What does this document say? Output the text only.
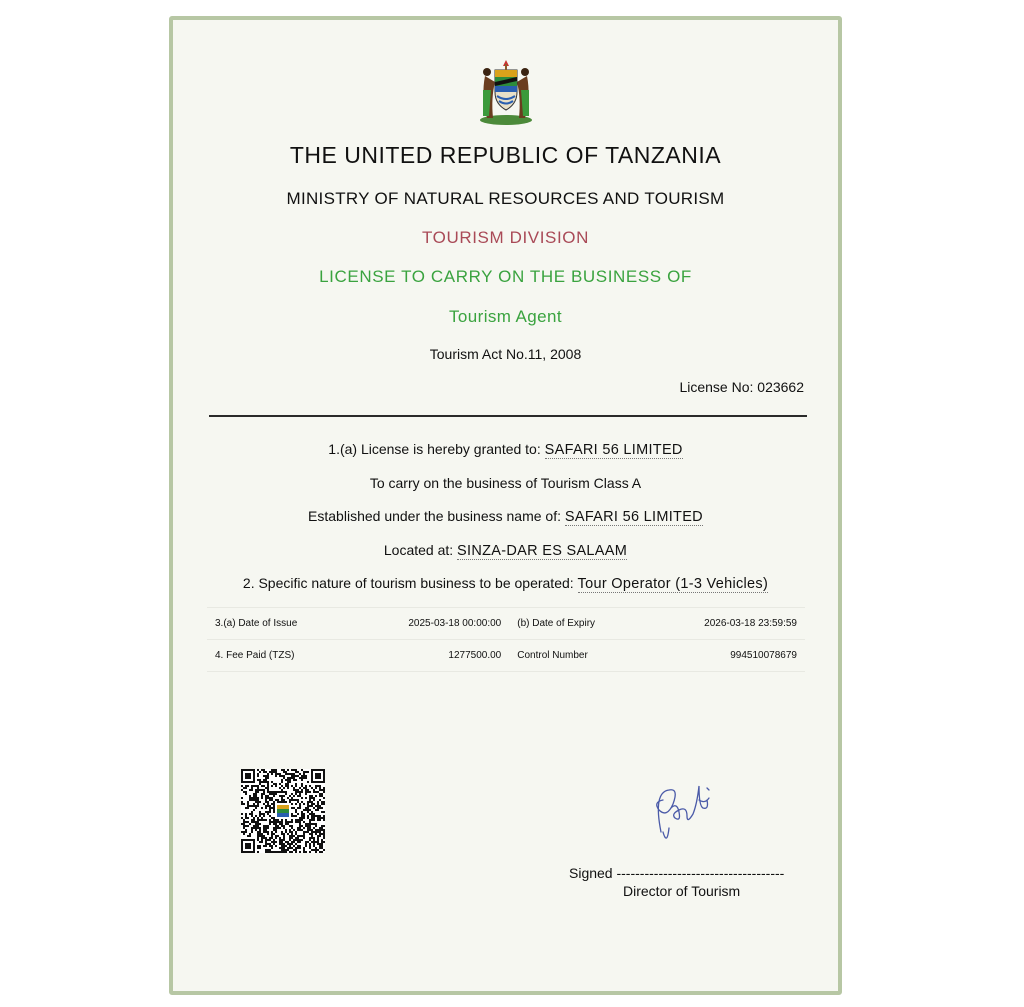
THE UNITED REPUBLIC OF TANZANIA
MINISTRY OF NATURAL RESOURCES AND TOURISM
TOURISM DIVISION
LICENSE TO CARRY ON THE BUSINESS OF
Tourism Agent
Tourism Act No.11, 2008
License No: 023662
1.(a) License is hereby granted to: SAFARI 56 LIMITED
To carry on the business of Tourism Class A
Established under the business name of: SAFARI 56 LIMITED
Located at: SINZA-DAR ES SALAAM
2. Specific nature of tourism business to be operated: Tour Operator (1-3 Vehicles)
3.(a) Date of Issue	2025-03-18 00:00:00	(b) Date of Expiry	2026-03-18 23:59:59
4. Fee Paid (TZS)	1277500.00	Control Number	994510078679
Signed ------------------------------------
Director of Tourism
